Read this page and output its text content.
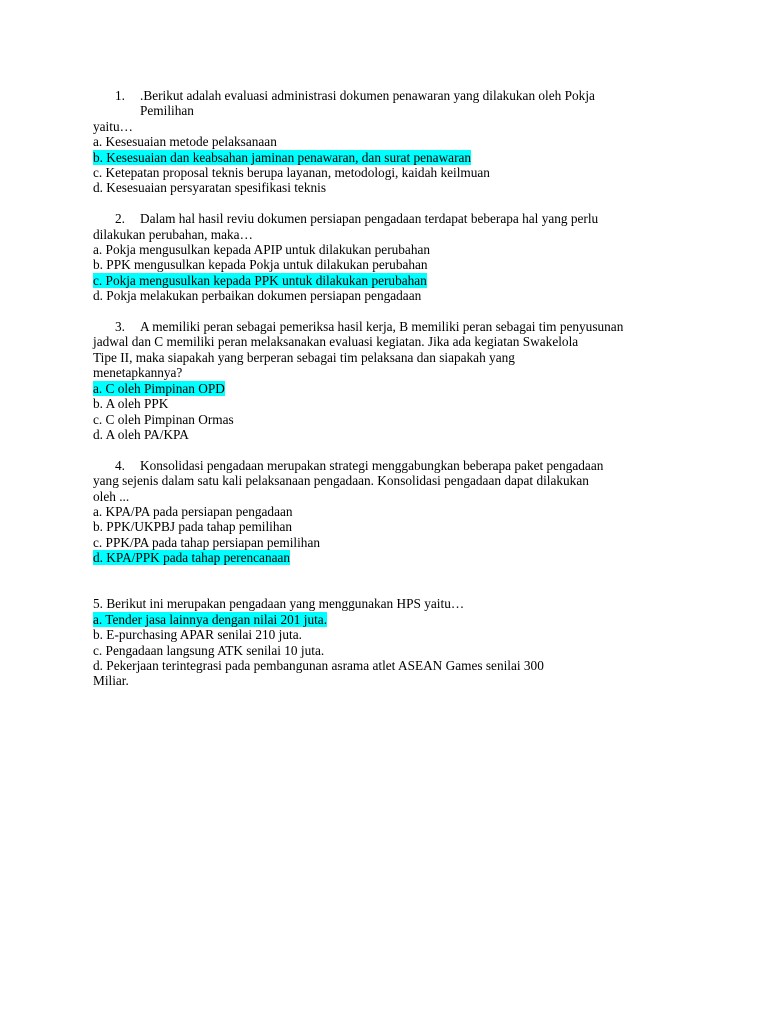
1. .Berikut adalah evaluasi administrasi dokumen penawaran yang dilakukan oleh Pokja

Pemilihan

yaitu…

a. Kesesuaian metode pelaksanaan

b. Kesesuaian dan keabsahan jaminan penawaran, dan surat penawaran

c. Ketepatan proposal teknis berupa layanan, metodologi, kaidah keilmuan

d. Kesesuaian persyaratan spesifikasi teknis

2. Dalam hal hasil reviu dokumen persiapan pengadaan terdapat beberapa hal yang perlu

dilakukan perubahan, maka…

a. Pokja mengusulkan kepada APIP untuk dilakukan perubahan

b. PPK mengusulkan kepada Pokja untuk dilakukan perubahan

c. Pokja mengusulkan kepada PPK untuk dilakukan perubahan

d. Pokja melakukan perbaikan dokumen persiapan pengadaan

3. A memiliki peran sebagai pemeriksa hasil kerja, B memiliki peran sebagai tim penyusunan

jadwal dan C memiliki peran melaksanakan evaluasi kegiatan. Jika ada kegiatan Swakelola

Tipe II, maka siapakah yang berperan sebagai tim pelaksana dan siapakah yang

menetapkannya?

a. C oleh Pimpinan OPD

b. A oleh PPK

c. C oleh Pimpinan Ormas

d. A oleh PA/KPA

4. Konsolidasi pengadaan merupakan strategi menggabungkan beberapa paket pengadaan

yang sejenis dalam satu kali pelaksanaan pengadaan. Konsolidasi pengadaan dapat dilakukan

oleh ...

a. KPA/PA pada persiapan pengadaan

b. PPK/UKPBJ pada tahap pemilihan

c. PPK/PA pada tahap persiapan pemilihan

d. KPA/PPK pada tahap perencanaan

5. Berikut ini merupakan pengadaan yang menggunakan HPS yaitu…

a. Tender jasa lainnya dengan nilai 201 juta.

b. E-purchasing APAR senilai 210 juta.

c. Pengadaan langsung ATK senilai 10 juta.

d. Pekerjaan terintegrasi pada pembangunan asrama atlet ASEAN Games senilai 300

Miliar.
